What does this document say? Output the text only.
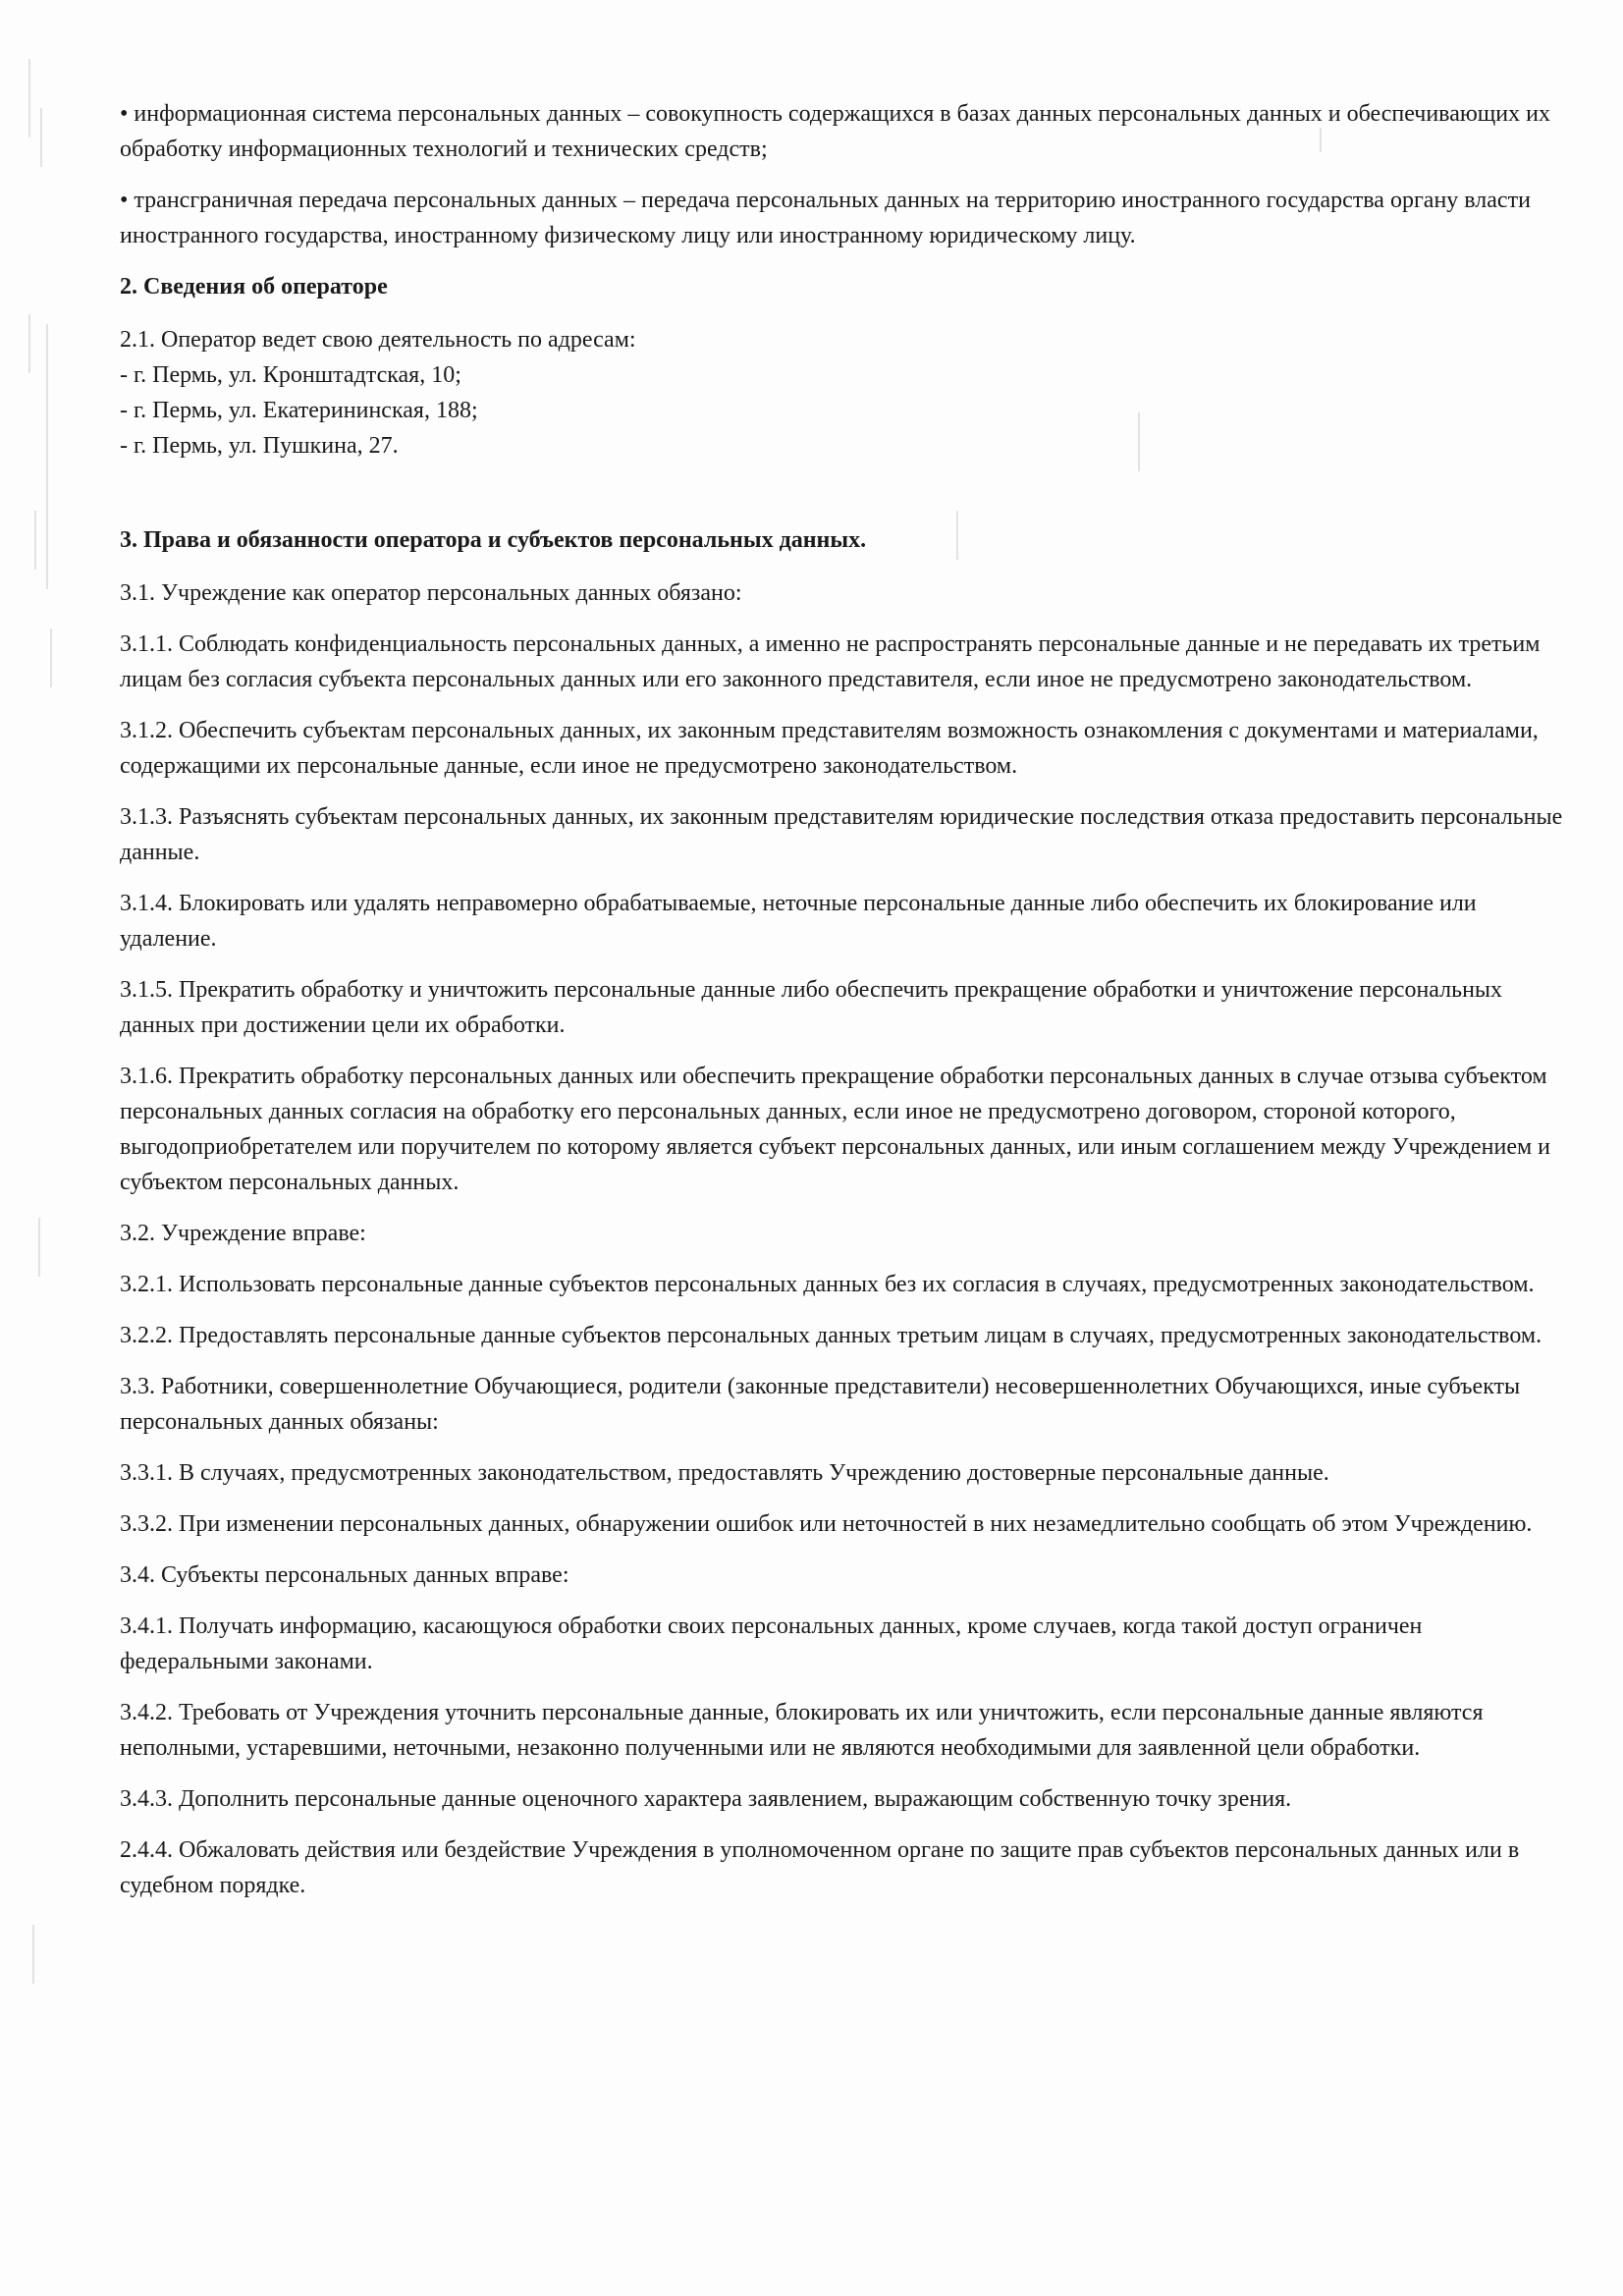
• информационная система персональных данных – совокупность содержащихся в базах данных персональных данных и обеспечивающих их обработку информационных технологий и технических средств;

• трансграничная передача персональных данных – передача персональных данных на территорию иностранного государства органу власти иностранного государства, иностранному физическому лицу или иностранному юридическому лицу.

2. Сведения об операторе

2.1. Оператор ведет свою деятельность по адресам:
- г. Пермь, ул. Кронштадтская, 10;
- г. Пермь, ул. Екатерининская, 188;
- г. Пермь, ул. Пушкина, 27.

3. Права и обязанности оператора и субъектов персональных данных.

3.1. Учреждение как оператор персональных данных обязано:

3.1.1. Соблюдать конфиденциальность персональных данных, а именно не распространять персональные данные и не передавать их третьим лицам без согласия субъекта персональных данных или его законного представителя, если иное не предусмотрено законодательством.

3.1.2. Обеспечить субъектам персональных данных, их законным представителям возможность ознакомления с документами и материалами, содержащими их персональные данные, если иное не предусмотрено законодательством.

3.1.3. Разъяснять субъектам персональных данных, их законным представителям юридические последствия отказа предоставить персональные данные.

3.1.4. Блокировать или удалять неправомерно обрабатываемые, неточные персональные данные либо обеспечить их блокирование или удаление.

3.1.5. Прекратить обработку и уничтожить персональные данные либо обеспечить прекращение обработки и уничтожение персональных данных при достижении цели их обработки.

3.1.6. Прекратить обработку персональных данных или обеспечить прекращение обработки персональных данных в случае отзыва субъектом персональных данных согласия на обработку его персональных данных, если иное не предусмотрено договором, стороной которого, выгодоприобретателем или поручителем по которому является субъект персональных данных, или иным соглашением между Учреждением и субъектом персональных данных.

3.2. Учреждение вправе:

3.2.1. Использовать персональные данные субъектов персональных данных без их согласия в случаях, предусмотренных законодательством.

3.2.2. Предоставлять персональные данные субъектов персональных данных третьим лицам в случаях, предусмотренных законодательством.

3.3. Работники, совершеннолетние Обучающиеся, родители (законные представители) несовершеннолетних Обучающихся, иные субъекты персональных данных обязаны:

3.3.1. В случаях, предусмотренных законодательством, предоставлять Учреждению достоверные персональные данные.

3.3.2. При изменении персональных данных, обнаружении ошибок или неточностей в них незамедлительно сообщать об этом Учреждению.

3.4. Субъекты персональных данных вправе:

3.4.1. Получать информацию, касающуюся обработки своих персональных данных, кроме случаев, когда такой доступ ограничен федеральными законами.

3.4.2. Требовать от Учреждения уточнить персональные данные, блокировать их или уничтожить, если персональные данные являются неполными, устаревшими, неточными, незаконно полученными или не являются необходимыми для заявленной цели обработки.

3.4.3. Дополнить персональные данные оценочного характера заявлением, выражающим собственную точку зрения.

2.4.4. Обжаловать действия или бездействие Учреждения в уполномоченном органе по защите прав субъектов персональных данных или в судебном порядке.
